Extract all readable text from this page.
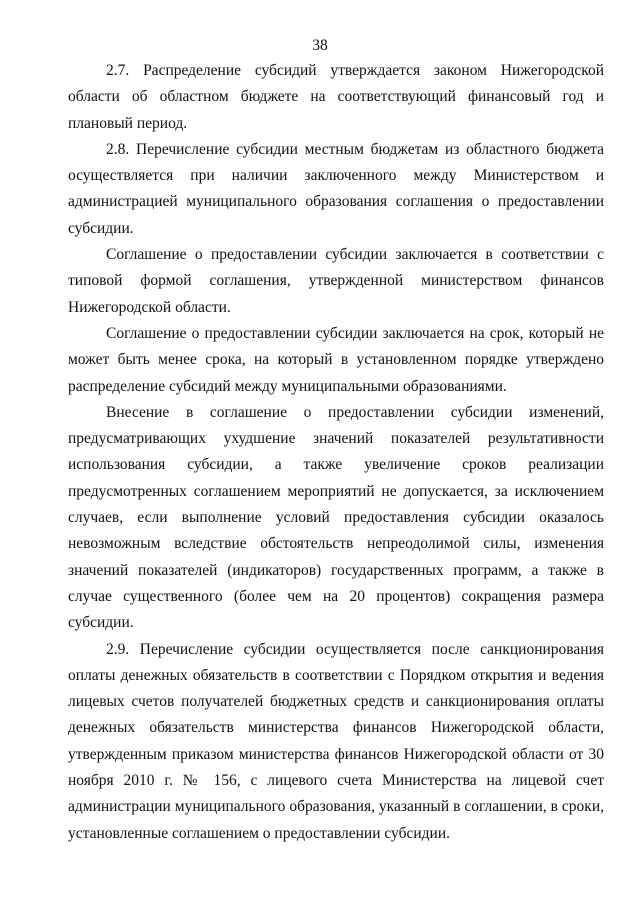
38

2.7. Распределение субсидий утверждается законом Нижегородской области об областном бюджете на соответствующий финансовый год и плановый период.

2.8. Перечисление субсидии местным бюджетам из областного бюджета осуществляется при наличии заключенного между Министерством и администрацией муниципального образования соглашения о предоставлении субсидии.

Соглашение о предоставлении субсидии заключается в соответствии с типовой формой соглашения, утвержденной министерством финансов Нижегородской области.

Соглашение о предоставлении субсидии заключается на срок, который не может быть менее срока, на который в установленном порядке утверждено распределение субсидий между муниципальными образованиями.

Внесение в соглашение о предоставлении субсидии изменений, предусматривающих ухудшение значений показателей результативности использования субсидии, а также увеличение сроков реализации предусмотренных соглашением мероприятий не допускается, за исключением случаев, если выполнение условий предоставления субсидии оказалось невозможным вследствие обстоятельств непреодолимой силы, изменения значений показателей (индикаторов) государственных программ, а также в случае существенного (более чем на 20 процентов) сокращения размера субсидии.

2.9. Перечисление субсидии осуществляется после санкционирования оплаты денежных обязательств в соответствии с Порядком открытия и ведения лицевых счетов получателей бюджетных средств и санкционирования оплаты денежных обязательств министерства финансов Нижегородской области, утвержденным приказом министерства финансов Нижегородской области от 30 ноября 2010 г. № 156, с лицевого счета Министерства на лицевой счет администрации муниципального образования, указанный в соглашении, в сроки, установленные соглашением о предоставлении субсидии.
